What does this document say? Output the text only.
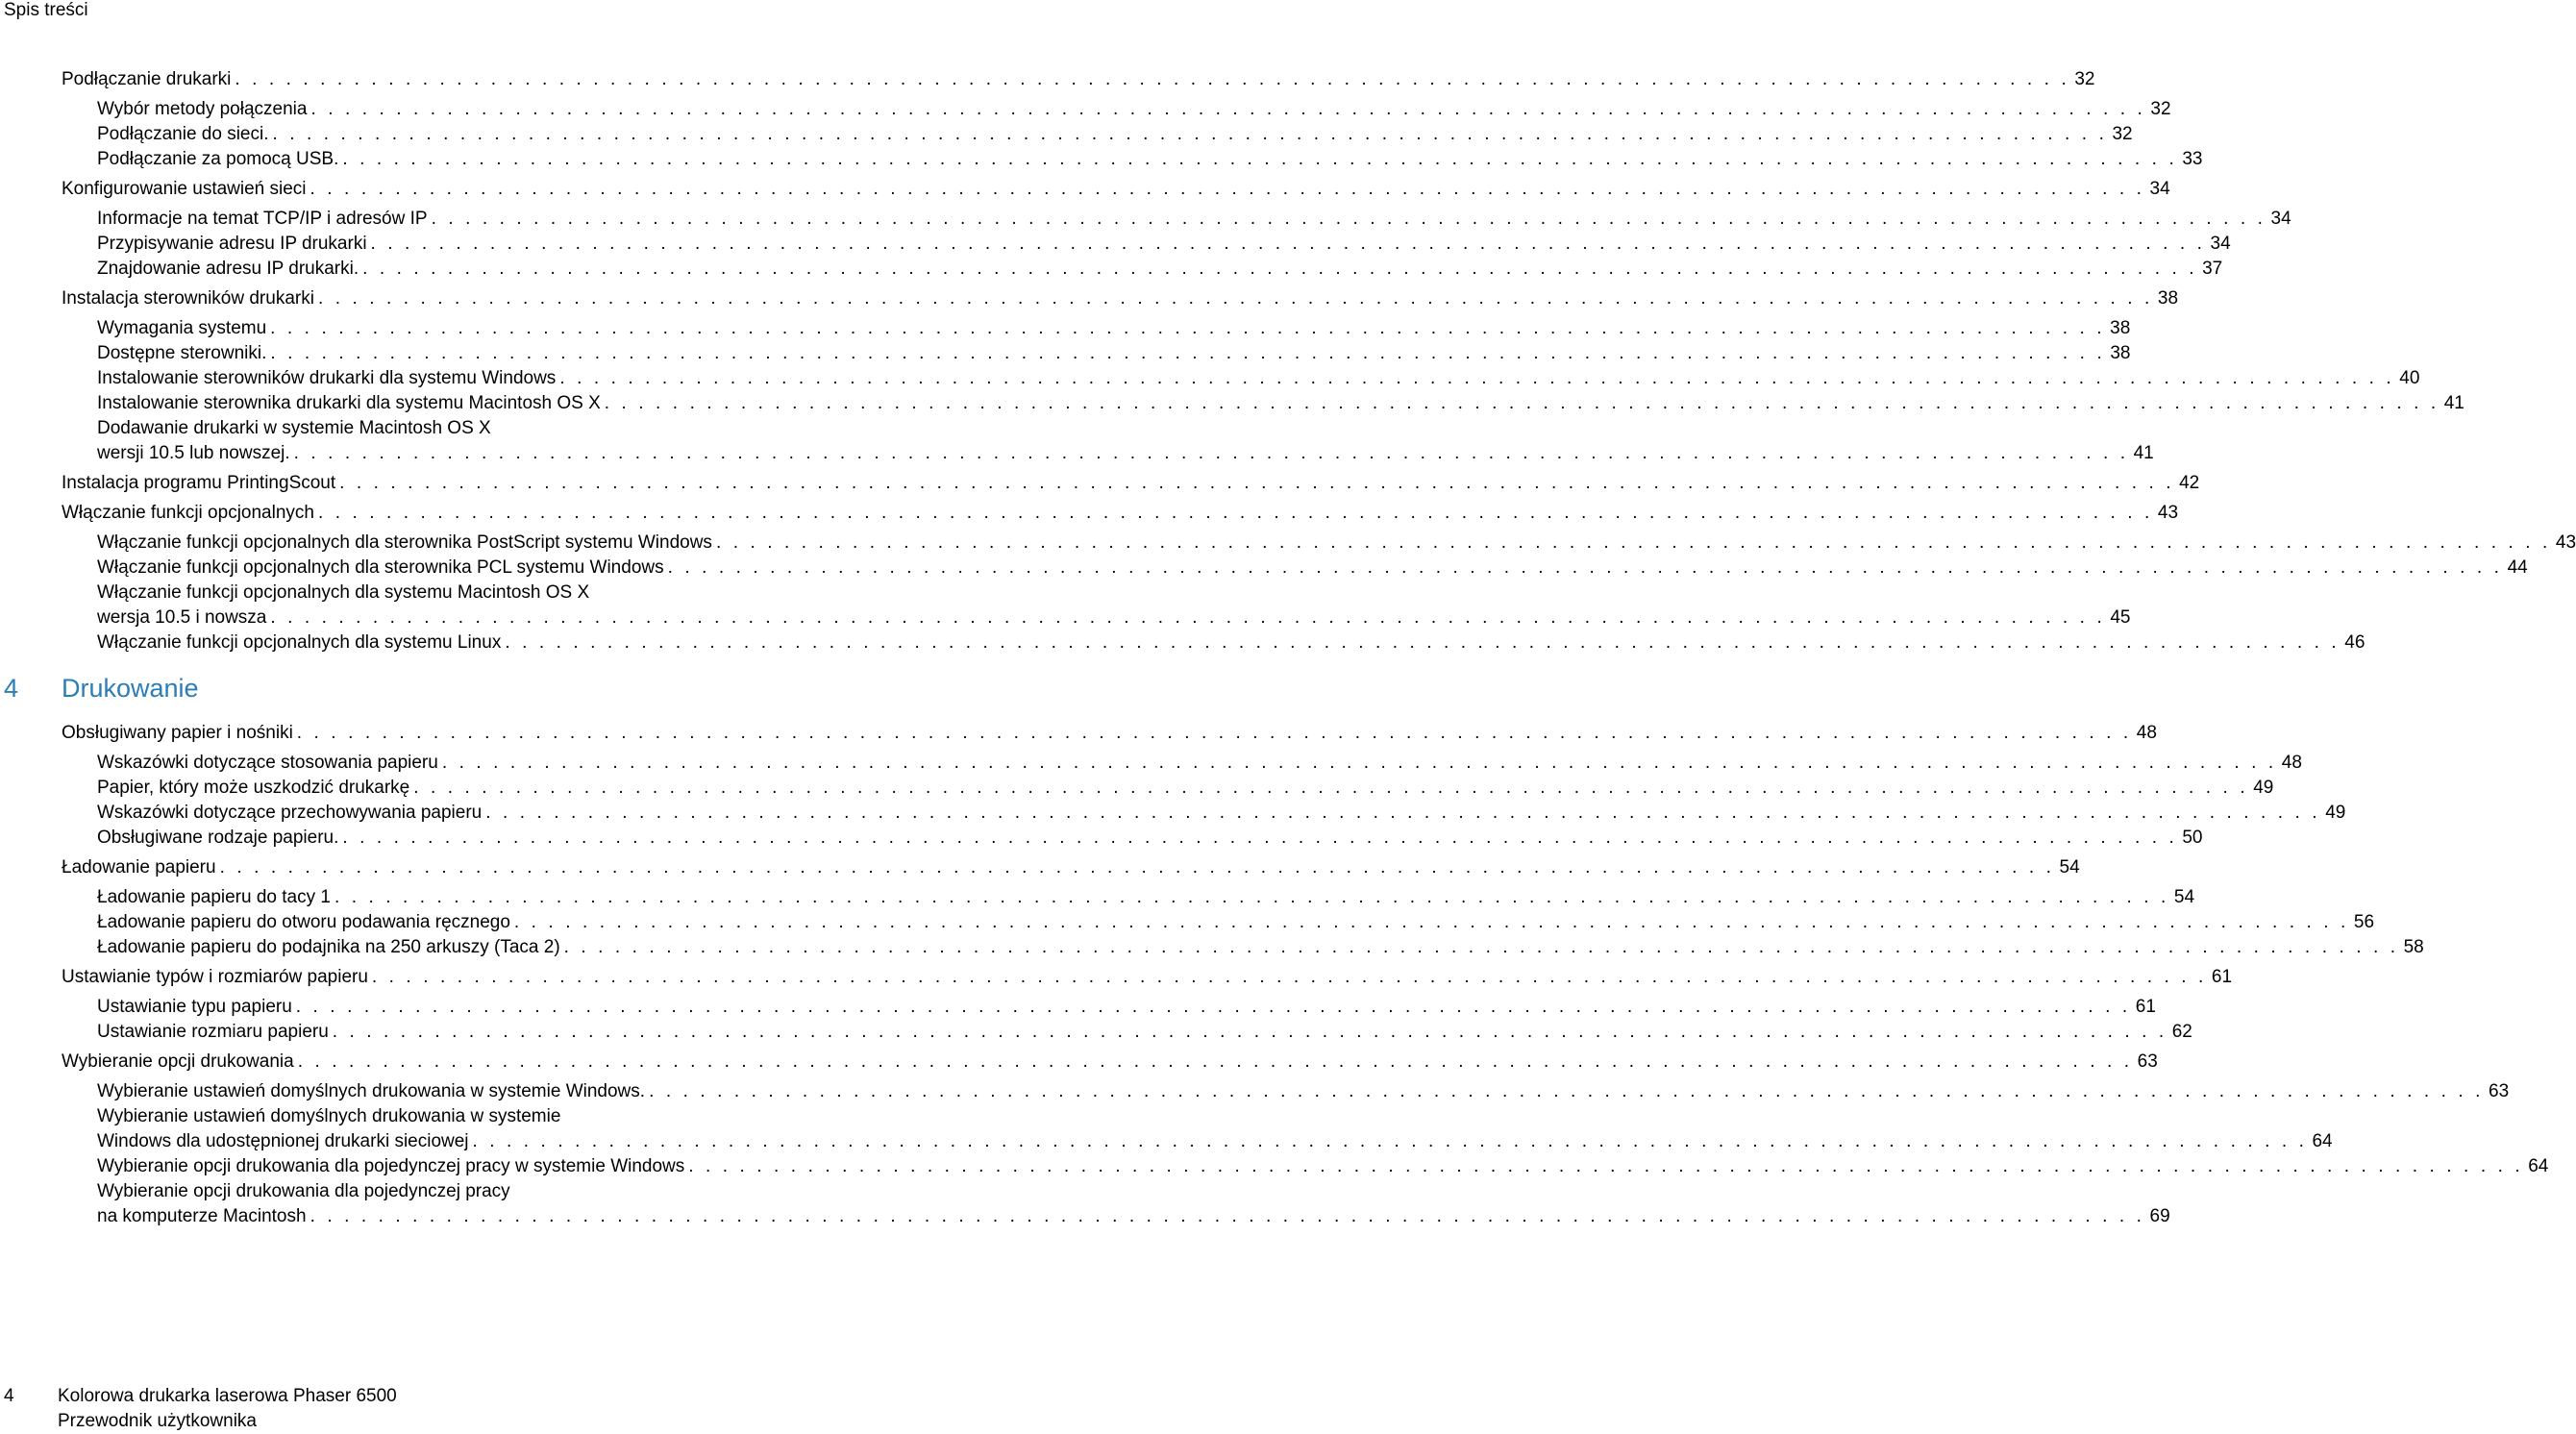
Spis treści
Podłączanie drukarki . . . . . . . . . . . . . . . . . . . . . . . . . . . . . . . . . . . . . . . . . . . . . . . . . . . . . . . . . . . . . . . . . . . . . . . . . . . . . . . . . . . . . . . . . . . . . . . . . . . . . . . . . . . . 32
Wybór metody połączenia . . . . . . . . . . . . . . . . . . . . . . . . . . . . . . . . . . . . . . . . . . . . . . . . . . . . . . . . . . . . . . . . . . . . . . . . . . . . . . . . . . . . . . . . . . . . . . . . . . . . . . . . . . . . 32
Podłączanie do sieci. . . . . . . . . . . . . . . . . . . . . . . . . . . . . . . . . . . . . . . . . . . . . . . . . . . . . . . . . . . . . . . . . . . . . . . . . . . . . . . . . . . . . . . . . . . . . . . . . . . . . . . . . . . . . 32
Podłączanie za pomocą USB. . . . . . . . . . . . . . . . . . . . . . . . . . . . . . . . . . . . . . . . . . . . . . . . . . . . . . . . . . . . . . . . . . . . . . . . . . . . . . . . . . . . . . . . . . . . . . . . . . . . . . . . . . . . . 33
Konfigurowanie ustawień sieci . . . . . . . . . . . . . . . . . . . . . . . . . . . . . . . . . . . . . . . . . . . . . . . . . . . . . . . . . . . . . . . . . . . . . . . . . . . . . . . . . . . . . . . . . . . . . . . . . . . . . . . . . . . . 34
Informacje na temat TCP/IP i adresów IP . . . . . . . . . . . . . . . . . . . . . . . . . . . . . . . . . . . . . . . . . . . . . . . . . . . . . . . . . . . . . . . . . . . . . . . . . . . . . . . . . . . . . . . . . . . . . . . . . . . . . . . . . . . . 34
Przypisywanie adresu IP drukarki . . . . . . . . . . . . . . . . . . . . . . . . . . . . . . . . . . . . . . . . . . . . . . . . . . . . . . . . . . . . . . . . . . . . . . . . . . . . . . . . . . . . . . . . . . . . . . . . . . . . . . . . . . . . 34
Znajdowanie adresu IP drukarki. . . . . . . . . . . . . . . . . . . . . . . . . . . . . . . . . . . . . . . . . . . . . . . . . . . . . . . . . . . . . . . . . . . . . . . . . . . . . . . . . . . . . . . . . . . . . . . . . . . . . . . . . . . . . 37
Instalacja sterowników drukarki . . . . . . . . . . . . . . . . . . . . . . . . . . . . . . . . . . . . . . . . . . . . . . . . . . . . . . . . . . . . . . . . . . . . . . . . . . . . . . . . . . . . . . . . . . . . . . . . . . . . . . . . . . . . 38
Wymagania systemu . . . . . . . . . . . . . . . . . . . . . . . . . . . . . . . . . . . . . . . . . . . . . . . . . . . . . . . . . . . . . . . . . . . . . . . . . . . . . . . . . . . . . . . . . . . . . . . . . . . . . . . . . . . . 38
Dostępne sterowniki. . . . . . . . . . . . . . . . . . . . . . . . . . . . . . . . . . . . . . . . . . . . . . . . . . . . . . . . . . . . . . . . . . . . . . . . . . . . . . . . . . . . . . . . . . . . . . . . . . . . . . . . . . . . . 38
Instalowanie sterowników drukarki dla systemu Windows . . . . . . . . . . . . . . . . . . . . . . . . . . . . . . . . . . . . . . . . . . . . . . . . . . . . . . . . . . . . . . . . . . . . . . . . . . . . . . . . . . . . . . . . . . . . . . . . . . . . . . . . . . . . 40
Instalowanie sterownika drukarki dla systemu Macintosh OS X . . . . . . . . . . . . . . . . . . . . . . . . . . . . . . . . . . . . . . . . . . . . . . . . . . . . . . . . . . . . . . . . . . . . . . . . . . . . . . . . . . . . . . . . . . . . . . . . . . . . . . . . . . . . 41
Dodawanie drukarki w systemie Macintosh OS X
wersji 10.5 lub nowszej. . . . . . . . . . . . . . . . . . . . . . . . . . . . . . . . . . . . . . . . . . . . . . . . . . . . . . . . . . . . . . . . . . . . . . . . . . . . . . . . . . . . . . . . . . . . . . . . . . . . . . . . . . . . . 41
Instalacja programu PrintingScout . . . . . . . . . . . . . . . . . . . . . . . . . . . . . . . . . . . . . . . . . . . . . . . . . . . . . . . . . . . . . . . . . . . . . . . . . . . . . . . . . . . . . . . . . . . . . . . . . . . . . . . . . . . . 42
Włączanie funkcji opcjonalnych . . . . . . . . . . . . . . . . . . . . . . . . . . . . . . . . . . . . . . . . . . . . . . . . . . . . . . . . . . . . . . . . . . . . . . . . . . . . . . . . . . . . . . . . . . . . . . . . . . . . . . . . . . . . 43
Włączanie funkcji opcjonalnych dla sterownika PostScript systemu Windows . . . . . . . . . . . . . . . . . . . . . . . . . . . . . . . . . . . . . . . . . . . . . . . . . . . . . . . . . . . . . . . . . . . . . . . . . . . . . . . . . . . . . . . . . . . . . . . . . . . . . . . . . . . . 43
Włączanie funkcji opcjonalnych dla sterownika PCL systemu Windows . . . . . . . . . . . . . . . . . . . . . . . . . . . . . . . . . . . . . . . . . . . . . . . . . . . . . . . . . . . . . . . . . . . . . . . . . . . . . . . . . . . . . . . . . . . . . . . . . . . . . . . . . . . . 44
Włączanie funkcji opcjonalnych dla systemu Macintosh OS X
wersja 10.5 i nowsza . . . . . . . . . . . . . . . . . . . . . . . . . . . . . . . . . . . . . . . . . . . . . . . . . . . . . . . . . . . . . . . . . . . . . . . . . . . . . . . . . . . . . . . . . . . . . . . . . . . . . . . . . . . . 45
Włączanie funkcji opcjonalnych dla systemu Linux . . . . . . . . . . . . . . . . . . . . . . . . . . . . . . . . . . . . . . . . . . . . . . . . . . . . . . . . . . . . . . . . . . . . . . . . . . . . . . . . . . . . . . . . . . . . . . . . . . . . . . . . . . . . 46
Obsługiwany papier i nośniki . . . . . . . . . . . . . . . . . . . . . . . . . . . . . . . . . . . . . . . . . . . . . . . . . . . . . . . . . . . . . . . . . . . . . . . . . . . . . . . . . . . . . . . . . . . . . . . . . . . . . . . . . . . . 48
Wskazówki dotyczące stosowania papieru . . . . . . . . . . . . . . . . . . . . . . . . . . . . . . . . . . . . . . . . . . . . . . . . . . . . . . . . . . . . . . . . . . . . . . . . . . . . . . . . . . . . . . . . . . . . . . . . . . . . . . . . . . . . 48
Papier, który może uszkodzić drukarkę . . . . . . . . . . . . . . . . . . . . . . . . . . . . . . . . . . . . . . . . . . . . . . . . . . . . . . . . . . . . . . . . . . . . . . . . . . . . . . . . . . . . . . . . . . . . . . . . . . . . . . . . . . . . 49
Wskazówki dotyczące przechowywania papieru . . . . . . . . . . . . . . . . . . . . . . . . . . . . . . . . . . . . . . . . . . . . . . . . . . . . . . . . . . . . . . . . . . . . . . . . . . . . . . . . . . . . . . . . . . . . . . . . . . . . . . . . . . . . 49
Obsługiwane rodzaje papieru. . . . . . . . . . . . . . . . . . . . . . . . . . . . . . . . . . . . . . . . . . . . . . . . . . . . . . . . . . . . . . . . . . . . . . . . . . . . . . . . . . . . . . . . . . . . . . . . . . . . . . . . . . . . . 50
Ładowanie papieru . . . . . . . . . . . . . . . . . . . . . . . . . . . . . . . . . . . . . . . . . . . . . . . . . . . . . . . . . . . . . . . . . . . . . . . . . . . . . . . . . . . . . . . . . . . . . . . . . . . . . . . . . . . . 54
Ładowanie papieru do tacy 1 . . . . . . . . . . . . . . . . . . . . . . . . . . . . . . . . . . . . . . . . . . . . . . . . . . . . . . . . . . . . . . . . . . . . . . . . . . . . . . . . . . . . . . . . . . . . . . . . . . . . . . . . . . . . 54
Ładowanie papieru do otworu podawania ręcznego . . . . . . . . . . . . . . . . . . . . . . . . . . . . . . . . . . . . . . . . . . . . . . . . . . . . . . . . . . . . . . . . . . . . . . . . . . . . . . . . . . . . . . . . . . . . . . . . . . . . . . . . . . . . 56
Ładowanie papieru do podajnika na 250 arkuszy (Taca 2) . . . . . . . . . . . . . . . . . . . . . . . . . . . . . . . . . . . . . . . . . . . . . . . . . . . . . . . . . . . . . . . . . . . . . . . . . . . . . . . . . . . . . . . . . . . . . . . . . . . . . . . . . . . . 58
Ustawianie typów i rozmiarów papieru . . . . . . . . . . . . . . . . . . . . . . . . . . . . . . . . . . . . . . . . . . . . . . . . . . . . . . . . . . . . . . . . . . . . . . . . . . . . . . . . . . . . . . . . . . . . . . . . . . . . . . . . . . . . 61
Ustawianie typu papieru . . . . . . . . . . . . . . . . . . . . . . . . . . . . . . . . . . . . . . . . . . . . . . . . . . . . . . . . . . . . . . . . . . . . . . . . . . . . . . . . . . . . . . . . . . . . . . . . . . . . . . . . . . . . 61
Ustawianie rozmiaru papieru . . . . . . . . . . . . . . . . . . . . . . . . . . . . . . . . . . . . . . . . . . . . . . . . . . . . . . . . . . . . . . . . . . . . . . . . . . . . . . . . . . . . . . . . . . . . . . . . . . . . . . . . . . . . 62
Wybieranie opcji drukowania . . . . . . . . . . . . . . . . . . . . . . . . . . . . . . . . . . . . . . . . . . . . . . . . . . . . . . . . . . . . . . . . . . . . . . . . . . . . . . . . . . . . . . . . . . . . . . . . . . . . . . . . . . . . 63
Wybieranie ustawień domyślnych drukowania w systemie Windows. . . . . . . . . . . . . . . . . . . . . . . . . . . . . . . . . . . . . . . . . . . . . . . . . . . . . . . . . . . . . . . . . . . . . . . . . . . . . . . . . . . . . . . . . . . . . . . . . . . . . . . . . . . . . 63
Wybieranie ustawień domyślnych drukowania w systemie
Windows dla udostępnionej drukarki sieciowej . . . . . . . . . . . . . . . . . . . . . . . . . . . . . . . . . . . . . . . . . . . . . . . . . . . . . . . . . . . . . . . . . . . . . . . . . . . . . . . . . . . . . . . . . . . . . . . . . . . . . . . . . . . . 64
Wybieranie opcji drukowania dla pojedynczej pracy w systemie Windows . . . . . . . . . . . . . . . . . . . . . . . . . . . . . . . . . . . . . . . . . . . . . . . . . . . . . . . . . . . . . . . . . . . . . . . . . . . . . . . . . . . . . . . . . . . . . . . . . . . . . . . . . . . . 64
Wybieranie opcji drukowania dla pojedynczej pracy
na komputerze Macintosh . . . . . . . . . . . . . . . . . . . . . . . . . . . . . . . . . . . . . . . . . . . . . . . . . . . . . . . . . . . . . . . . . . . . . . . . . . . . . . . . . . . . . . . . . . . . . . . . . . . . . . . . . . . . 69
4 Drukowanie
4 Kolorowa drukarka laserowa Phaser 6500
Przewodnik użytkownika
